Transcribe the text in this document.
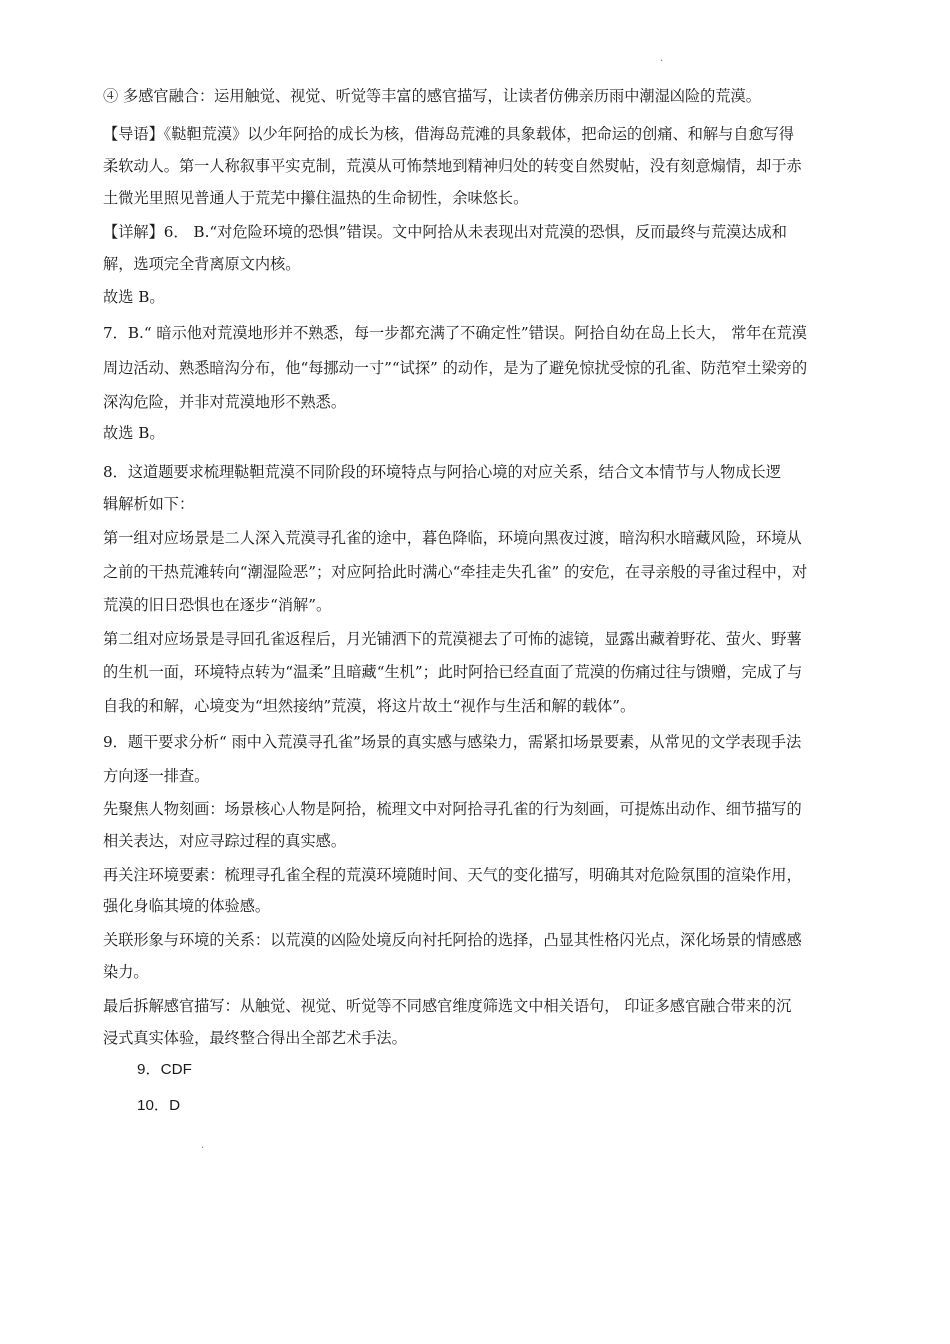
.
④ 多感官融合：运用触觉、视觉、听觉等丰富的感官描写，让读者仿佛亲历雨中潮湿凶险的荒漠。
【导语】《鞑靼荒漠》以少年阿拾的成长为核，借海岛荒滩的具象载体，把命运的创痛、和解与自愈写得
柔软动人。第一人称叙事平实克制，荒漠从可怖禁地到精神归处的转变自然熨帖，没有刻意煽情，却于赤
土微光里照见普通人于荒芜中攥住温热的生命韧性，余味悠长。
【详解】6． B.“对危险环境的恐惧”错误。文中阿拾从未表现出对荒漠的恐惧，反而最终与荒漠达成和
解，选项完全背离原文内核。
故选 B。
7．B.“ 暗示他对荒漠地形并不熟悉，每一步都充满了不确定性”错误。阿拾自幼在岛上长大， 常年在荒漠
周边活动、熟悉暗沟分布，他“每挪动一寸”“试探” 的动作，是为了避免惊扰受惊的孔雀、防范窄土梁旁的
深沟危险，并非对荒漠地形不熟悉。
故选 B。
8．这道题要求梳理鞑靼荒漠不同阶段的环境特点与阿拾心境的对应关系，结合文本情节与人物成长逻
辑解析如下：
第一组对应场景是二人深入荒漠寻孔雀的途中，暮色降临，环境向黑夜过渡，暗沟积水暗藏风险，环境从
之前的干热荒滩转向“潮湿险恶”；对应阿拾此时满心“牵挂走失孔雀” 的安危，在寻亲般的寻雀过程中，对
荒漠的旧日恐惧也在逐步“消解”。
第二组对应场景是寻回孔雀返程后，月光铺洒下的荒漠褪去了可怖的滤镜，显露出藏着野花、萤火、野薯
的生机一面，环境特点转为“温柔”且暗藏“生机”；此时阿拾已经直面了荒漠的伤痛过往与馈赠，完成了与
自我的和解，心境变为“坦然接纳”荒漠，将这片故土“视作与生活和解的载体”。
9．题干要求分析“ 雨中入荒漠寻孔雀”场景的真实感与感染力，需紧扣场景要素，从常见的文学表现手法
方向逐一排查。
先聚焦人物刻画：场景核心人物是阿拾，梳理文中对阿拾寻孔雀的行为刻画，可提炼出动作、细节描写的
相关表达，对应寻踪过程的真实感。
再关注环境要素：梳理寻孔雀全程的荒漠环境随时间、天气的变化描写，明确其对危险氛围的渲染作用，
强化身临其境的体验感。
关联形象与环境的关系：以荒漠的凶险处境反向衬托阿拾的选择，凸显其性格闪光点，深化场景的情感感
染力。
最后拆解感官描写：从触觉、视觉、听觉等不同感官维度筛选文中相关语句， 印证多感官融合带来的沉
浸式真实体验，最终整合得出全部艺术手法。
9．CDF
10．D
·
